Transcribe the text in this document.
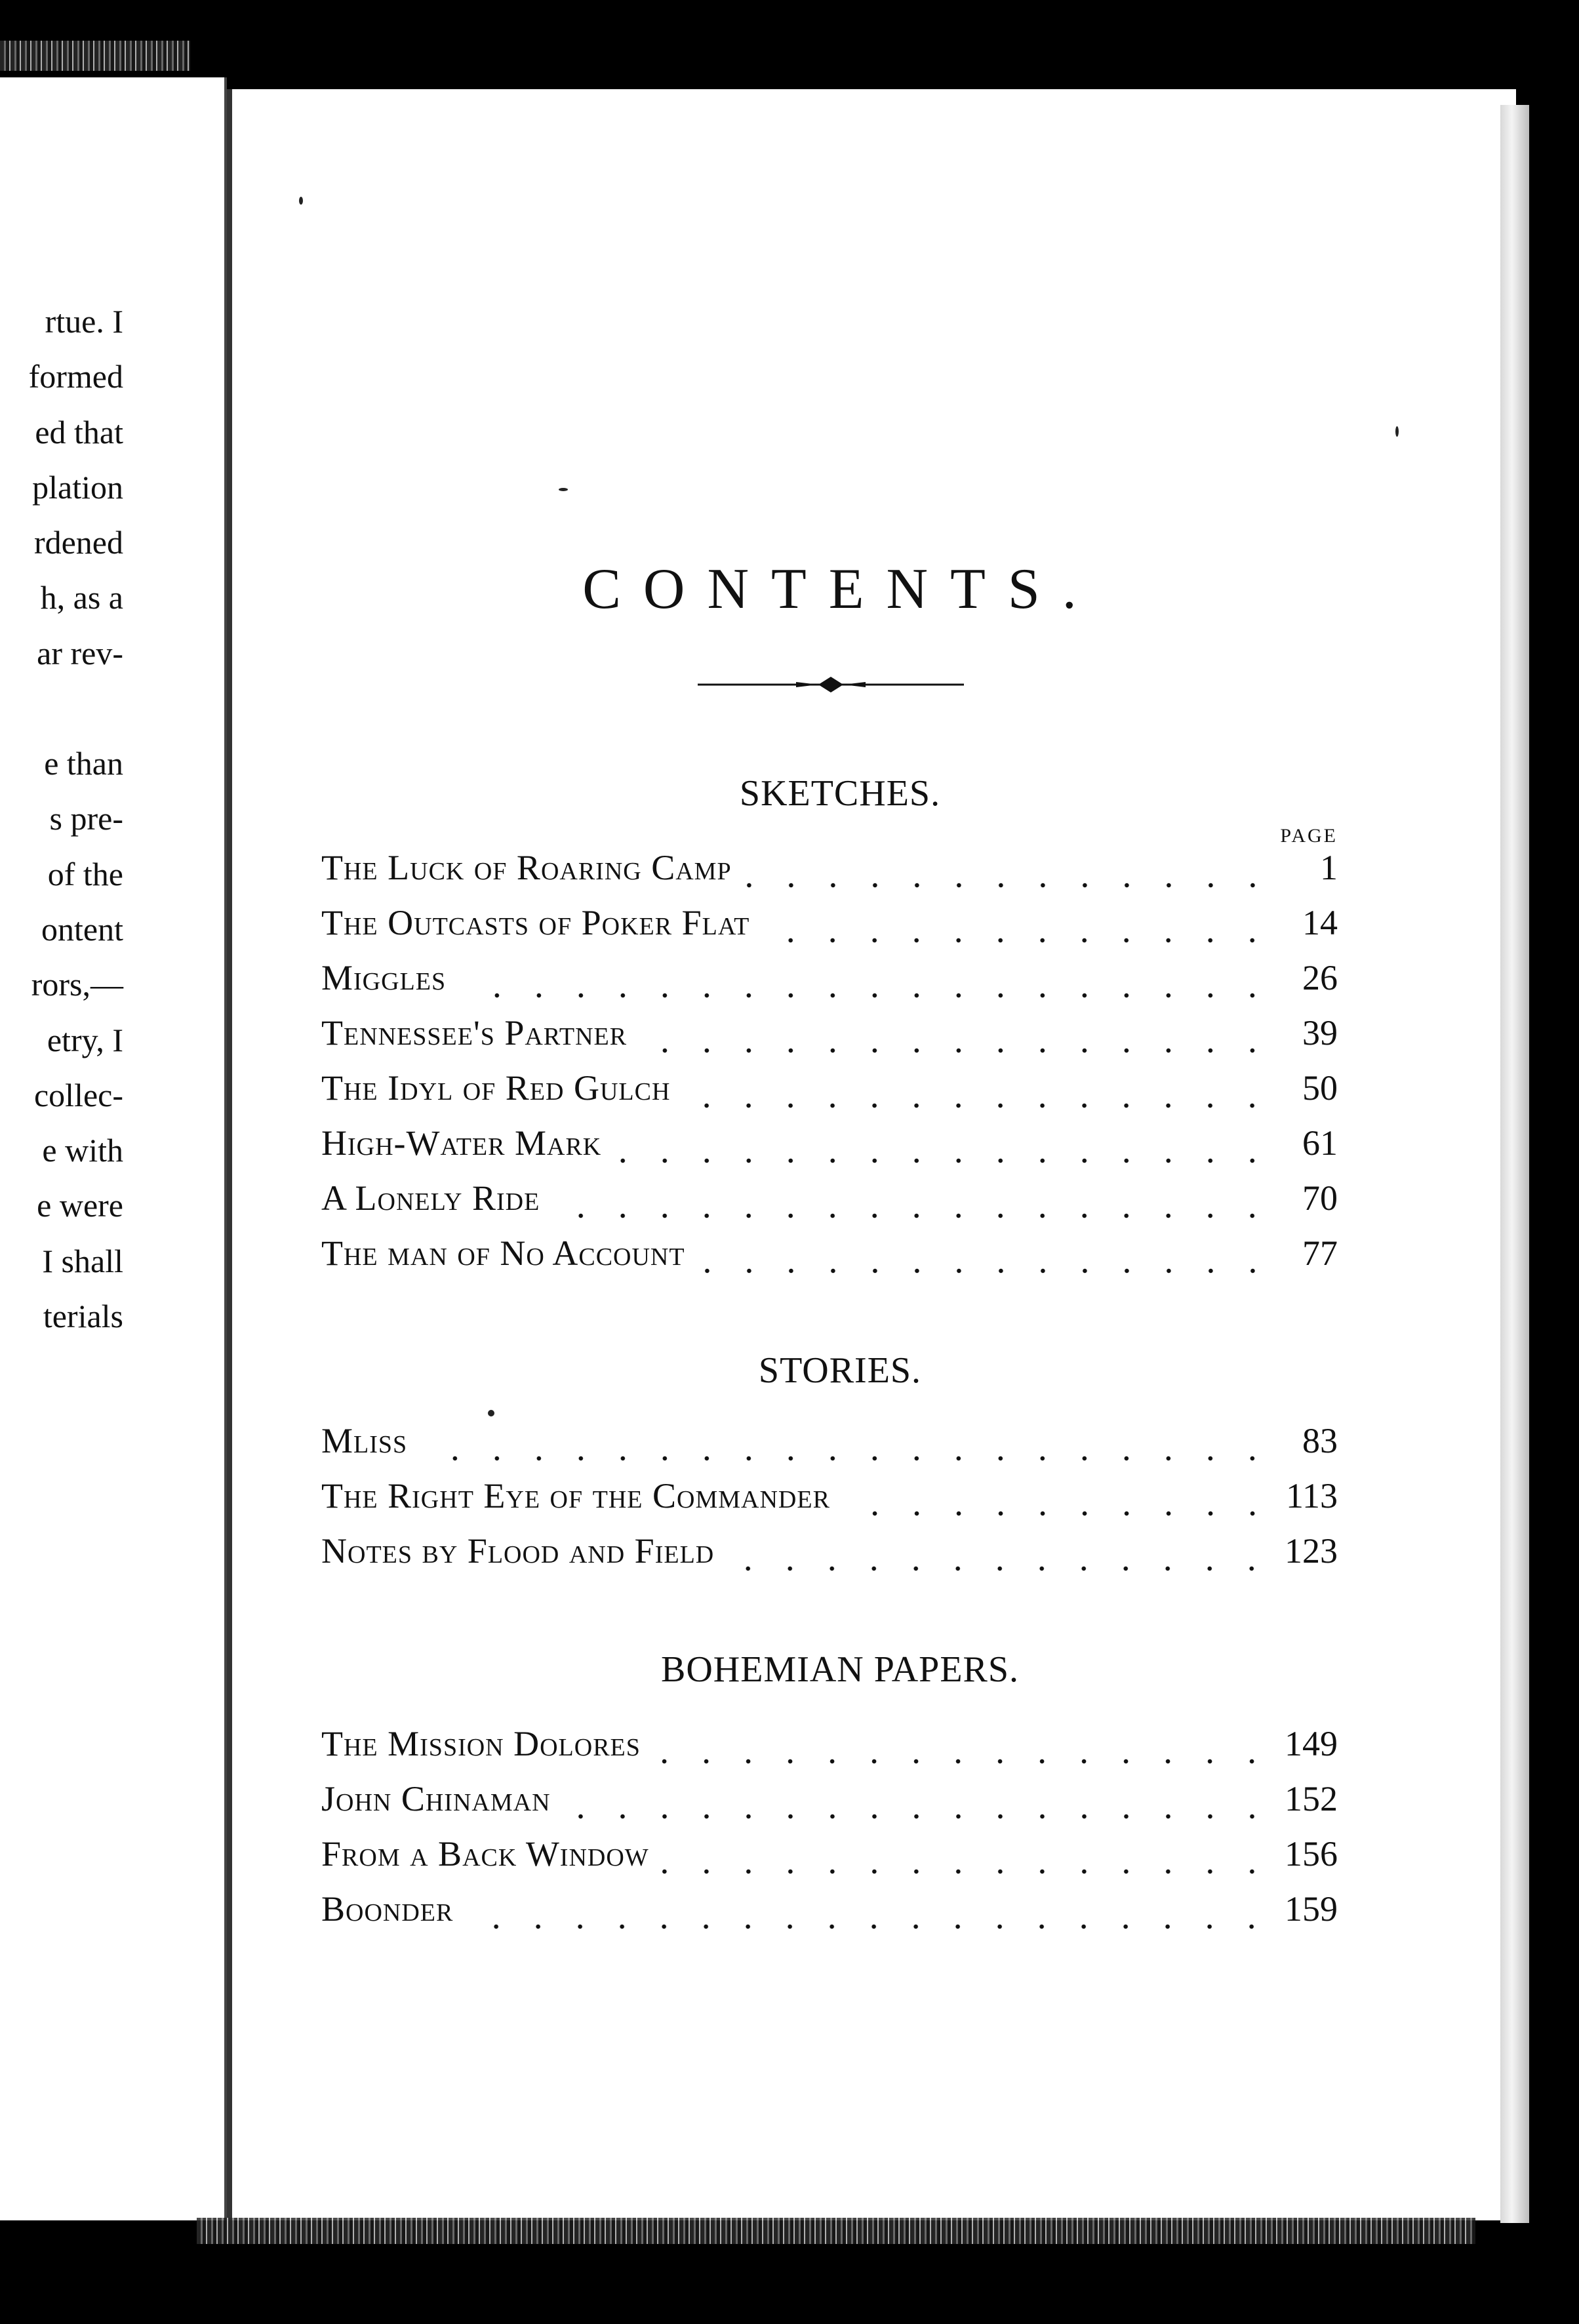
rtue. I
formed
ed that
plation
rdened
h, as a
ar rev-
e than
s pre-
of the
ontent
rors,—
etry, I
collec-
e with
e were
I shall
terials
CONTENTS.
SKETCHES.
PAGE
The Luck of Roaring Camp	1
The Outcasts of Poker Flat	14
Miggles	26
Tennessee's Partner	39
The Idyl of Red Gulch	50
High-Water Mark	61
A Lonely Ride	70
The man of No Account	77
STORIES.
Mliss	83
The Right Eye of the Commander	113
Notes by Flood and Field	123
BOHEMIAN PAPERS.
The Mission Dolores	149
John Chinaman	152
From a Back Window	156
Boonder	159
